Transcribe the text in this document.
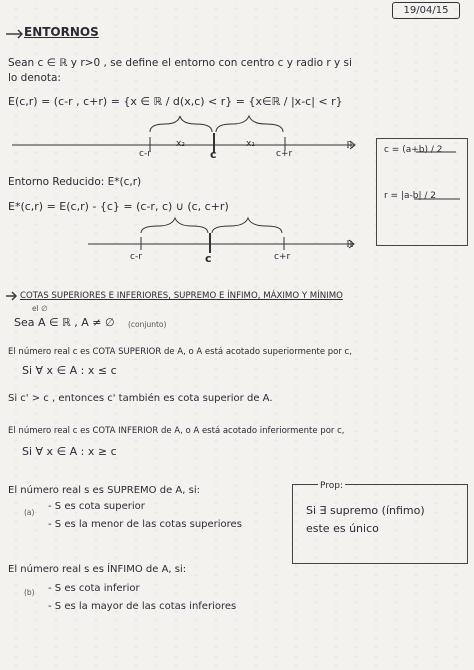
19/04/15
ENTORNOS
Sean c ∈ ℝ y r>0 , se define el entorno con centro c y radio r y si
lo denota:
E(c,r) = (c-r , c+r) = {x ∈ ℝ / d(x,c) < r} = {x∈ℝ / |x-c| < r}
c-r
x₂
c
x₁
c+r
ℝ	c = (a+b) / 2
r = |a-b| / 2
Entorno Reducido: E*(c,r)
E*(c,r) = E(c,r) - {c} = (c-r, c) ∪ (c, c+r)
c-r	c	c+r
ℝ
COTAS SUPERIORES E INFERIORES, SUPREMO E ÍNFIMO, MÁXIMO Y MÍNIMO
el ∅
Sea A ∈ ℝ , A ≠ ∅ (conjunto)
El número real c es COTA SUPERIOR de A, o A está acotado superiormente por c,
Si ∀ x ∈ A : x ≤ c
Si c' > c , entonces c' también es cota superior de A.
El número real c es COTA INFERIOR de A, o A está acotado inferiormente por c,
Si ∀ x ∈ A : x ≥ c
El número real s es SUPREMO de A, si:
(a)
- S es cota superior
- S es la menor de las cotas superiores
Prop:
Si ∃ supremo (ínfimo)
este es único
El número real s es ÍNFIMO de A, si:
(b) - S es cota inferior
- S es la mayor de las cotas inferiores
